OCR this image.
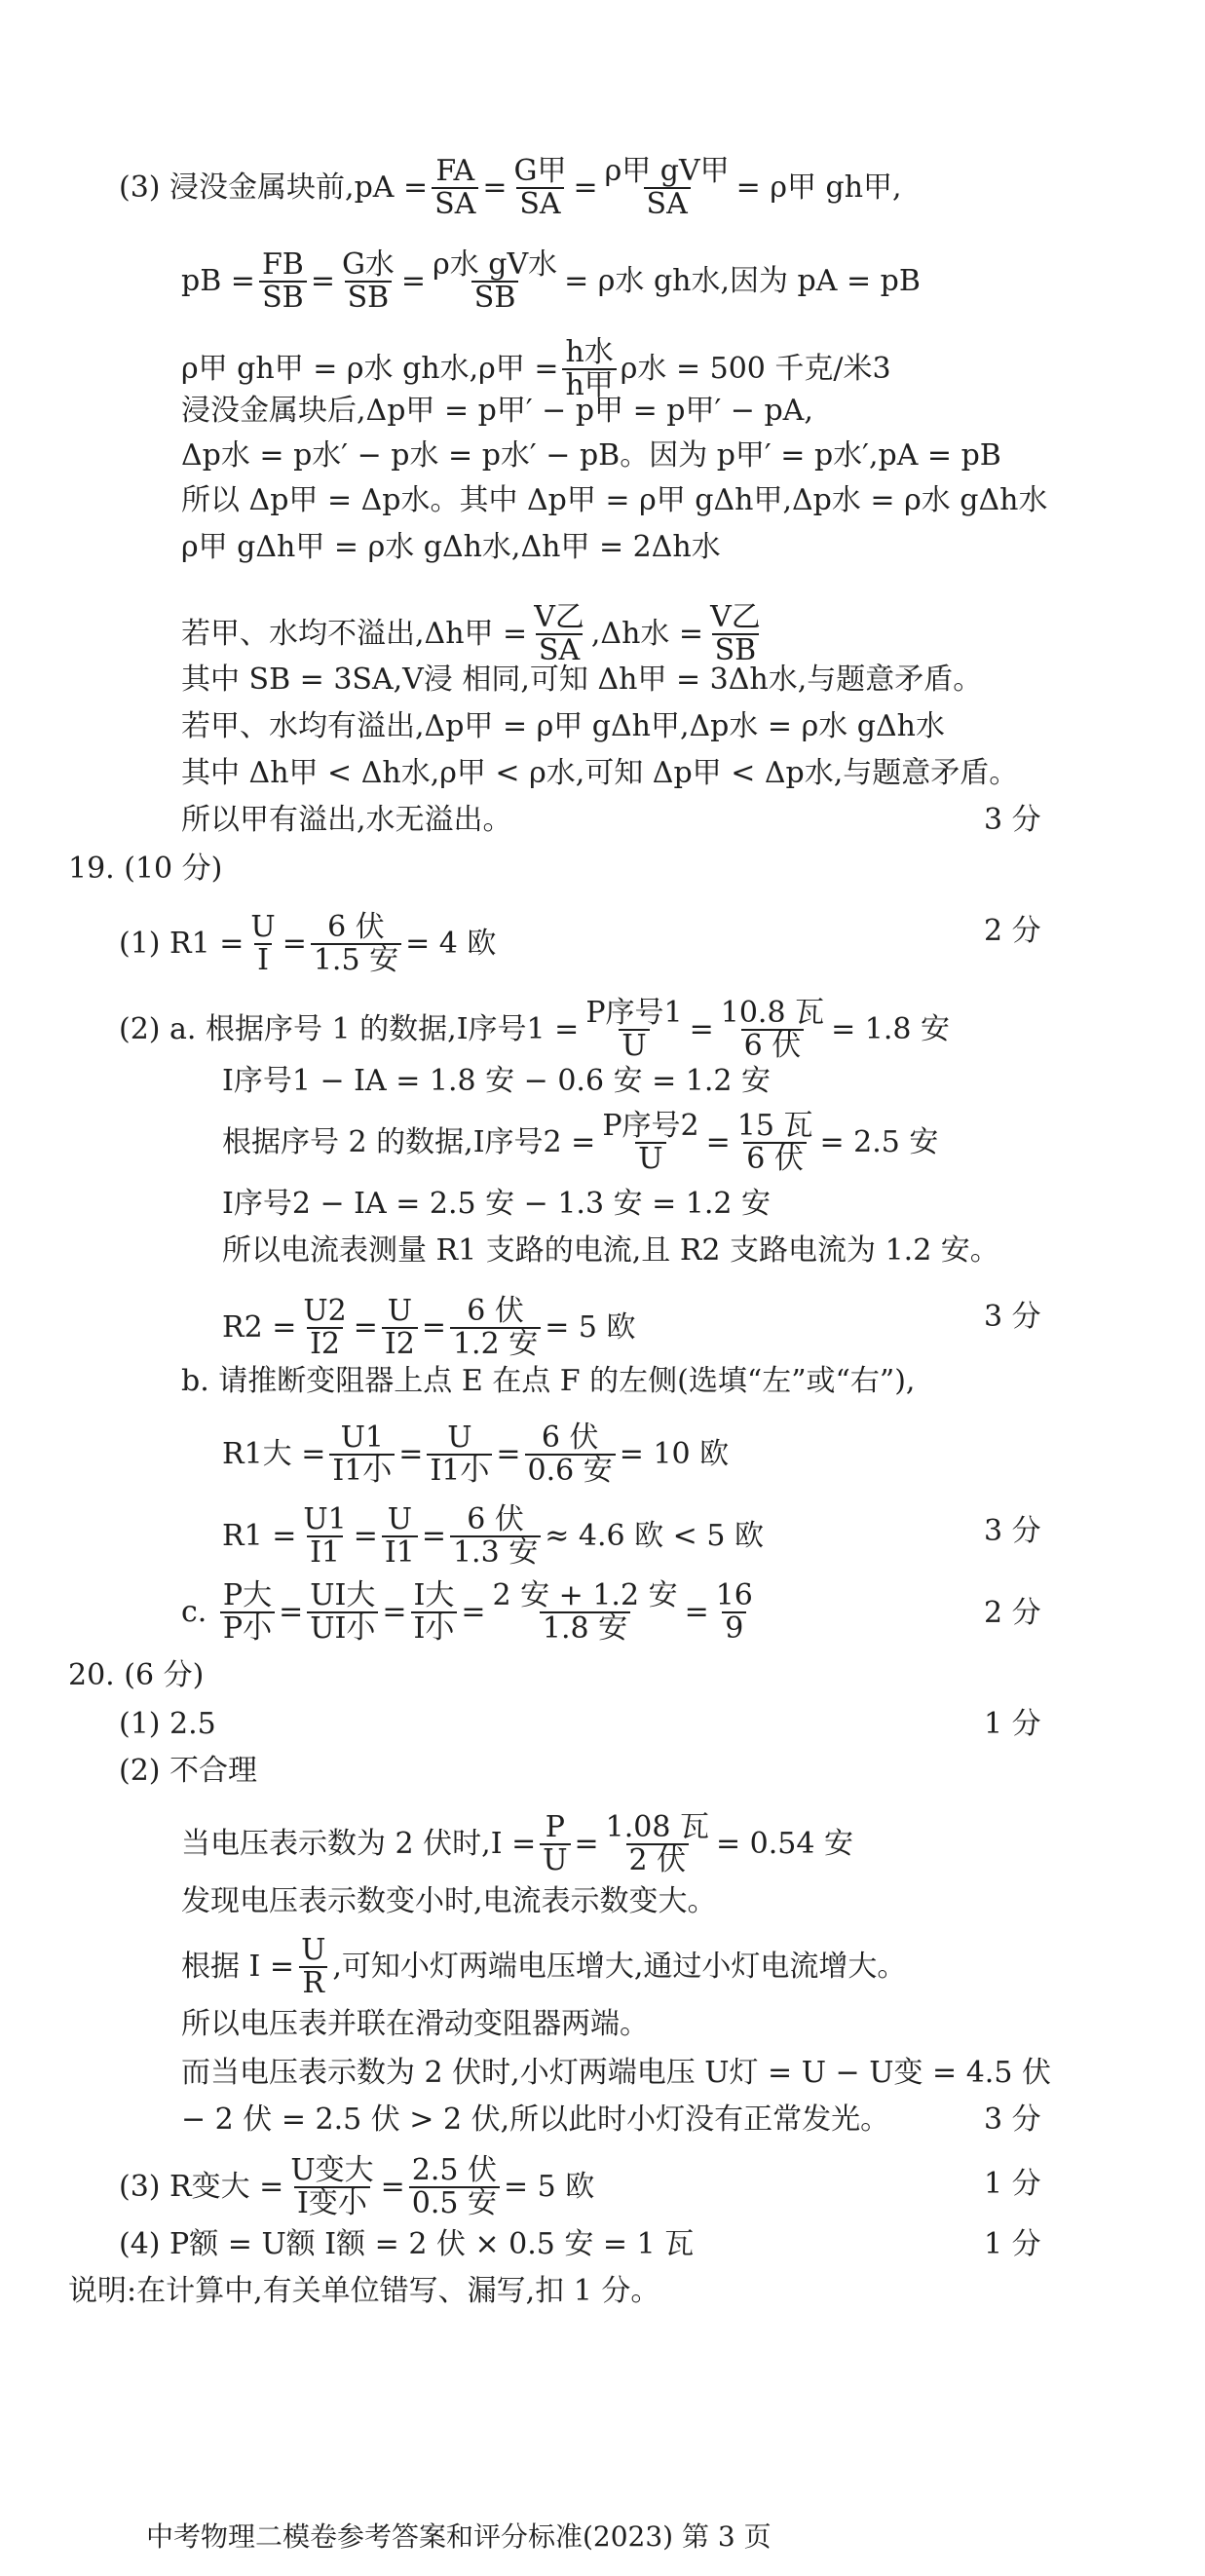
(3)
浸没金属块前, pA = $\frac{FA}{SA} = G$甲
SA = ρ甲 gV甲
SA = ρ甲 gh甲,
pB = $\frac{FB}{SB} = G$水
SB = ρ水 gV水
SB = ρ水 gh水,因为 pA = pB
ρ甲 gh甲 = ρ水 gh水,ρ甲 = h水
h甲 ρ水 = 500 千克/米3
浸没金属块后,Δp甲 = p甲′ − p甲 = p甲′ − pA,
Δp水 = p水′ − p水 = p水′ − pB。因为 p甲′ = p水′,pA = pB
所以 Δp甲 = Δp水。其中 Δp甲 = ρ甲 gΔh甲,Δp水 = ρ水 gΔh水
ρ甲 gΔh甲 = ρ水 gΔh水,Δh甲 = 2Δh水
若甲、水均不溢出,Δh甲 = V乙
SA ,Δh水 = V乙
SB
其中 SB = 3SA,V浸 相同,可知 Δh甲 = 3Δh水,与题意矛盾。
若甲、水均有溢出,Δp甲 = ρ甲 gΔh甲,Δp水 = ρ水 gΔh水
其中 Δh甲 < Δh水,ρ甲 < ρ水,可知 Δp甲 < Δp水,与题意矛盾。
所以甲有溢出,水无溢出。	3 分
19. (10 分)
(1)
$R1 = \frac{U}{I} = 6$ 伏
1.5 安 = 4 欧	2 分
(2)
a.
根据序号 1 的数据,I序号1 = P序号1
U = 10.8 瓦
6 伏 = 1.8 安
I序号1 − IA = 1.8 安 − 0.6 安 = 1.2 安
根据序号 2 的数据,I序号2 = P序号2
U = 15 瓦
6 伏 = 2.5 安
I序号2 − IA = 2.5 安 − 1.3 安 = 1.2 安
所以电流表测量 R1 支路的电流,且 R2 支路电流为 1.2 安。
$R2 = \frac{U2}{I2} = U$
I2 = 6 伏
1.2 安 = 5 欧	3 分
b.
请推断变阻器上点 E 在点 F 的左侧(选填“左”或“右”),
R1大 = U1
I1小 = U
I1小 = 6 伏
0.6 安 = 10 欧
$R1 = \frac{U1}{I1} = U$
I1 = 6 伏
1.3 安 ≈ 4.6 欧 < 5 欧	3 分
c.
P大
P小 = UI大
UI小 = I大
I小 = 2 安 + 1.2 安
1.8 安 = 16
9	2 分
20. (6 分)
(1)
2.5	1 分
(2)
不合理
当电压表示数为 2 伏时$,I = \frac{P}{U} = 1.08$ 瓦
2 伏 = 0.54 安
发现电压表示数变小时,电流表示数变大。
根据 $I = \frac{U}{R}$ ,可知小灯两端电压增大,通过小灯电流增大。
所以电压表并联在滑动变阻器两端。
而当电压表示数为 2 伏时,小灯两端电压 U灯 = U − U变 = 4.5 伏
− 2 伏 = 2.5 伏 > 2 伏,所以此时小灯没有正常发光。	3 分
(3)
R变大 = U变大
I变小 = 2.5 伏
0.5 安 = 5 欧	1 分
(4)
P额 = U额 I额 = 2 伏 × 0.5 安 = 1 瓦	1 分
说明:在计算中,有关单位错写、漏写,扣 1 分。
中考物理二模卷参考答案和评分标准(2023) 第 3 页
